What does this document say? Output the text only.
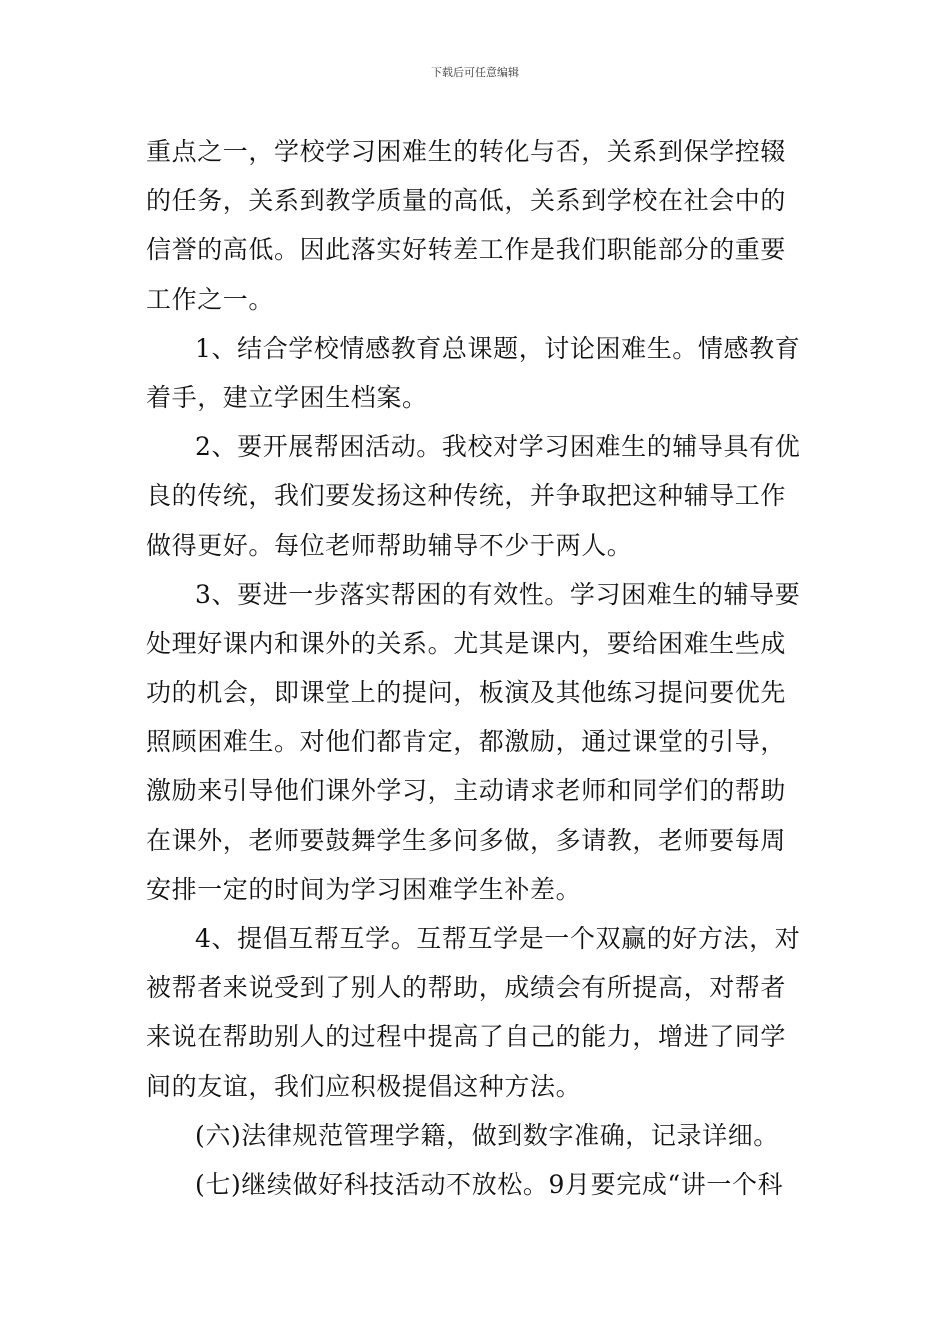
下载后可任意编辑
重点之一，学校学习困难生的转化与否，关系到保学控辍
的任务，关系到教学质量的高低，关系到学校在社会中的
信誉的高低。因此落实好转差工作是我们职能部分的重要
工作之一。
1、结合学校情感教育总课题，讨论困难生。情感教育
着手，建立学困生档案。
2、要开展帮困活动。我校对学习困难生的辅导具有优
良的传统，我们要发扬这种传统，并争取把这种辅导工作
做得更好。每位老师帮助辅导不少于两人。
3、要进一步落实帮困的有效性。学习困难生的辅导要
处理好课内和课外的关系。尤其是课内，要给困难生些成
功的机会，即课堂上的提问，板演及其他练习提问要优先
照顾困难生。对他们都肯定，都激励，通过课堂的引导，
激励来引导他们课外学习，主动请求老师和同学们的帮助
在课外，老师要鼓舞学生多问多做，多请教，老师要每周
安排一定的时间为学习困难学生补差。
4、提倡互帮互学。互帮互学是一个双赢的好方法，对
被帮者来说受到了别人的帮助，成绩会有所提高，对帮者
来说在帮助别人的过程中提高了自己的能力，增进了同学
间的友谊，我们应积极提倡这种方法。
(六)法律规范管理学籍，做到数字准确，记录详细。
(七)继续做好科技活动不放松。9月要完成“讲一个科
